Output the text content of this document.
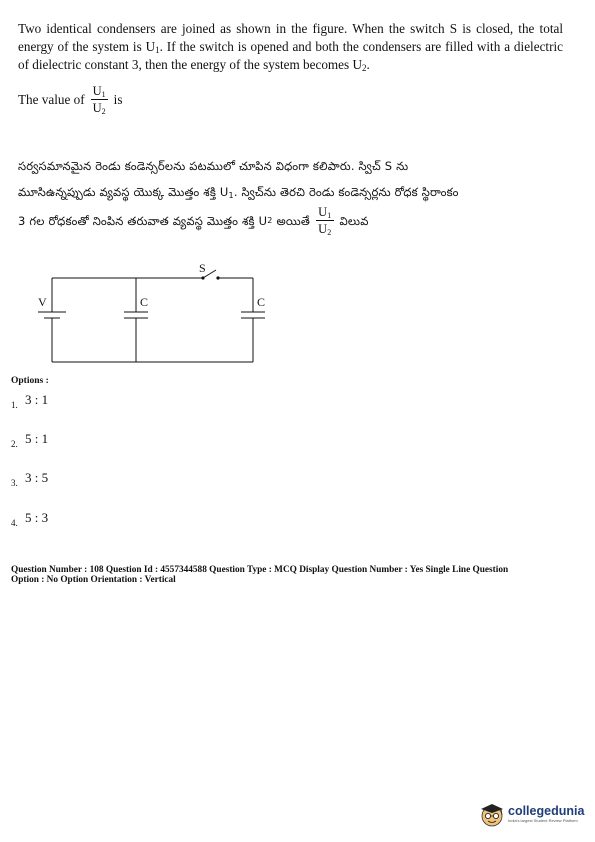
Two identical condensers are joined as shown in the figure. When the switch S is closed, the total energy of the system is $U_1$. If the switch is opened and both the condensers are filled with a dielectric of dielectric constant 3, then the energy of the system becomes $U_2$.
The value of $\frac{U_1}{U_2}$ is
సర్వసమానమైన రెండు కండెన్సర్‌లను పటములో చూపిన విధంగా కలిపారు. స్విచ్ S ను
మూసిఉన్నప్పుడు వ్యవస్థ యొక్క మొత్తం శక్తి $U_1$. స్విచ్‌ను తెరచి రెండు కండెన్సర్లను రోధక స్థిరాంకం
3 గల రోధకంతో నింపిన తరువాత వ్యవస్థ మొత్తం శక్తి U 2 అయితే $\frac{U_1}{U_2}$ విలువ
V	C	C
S
Options :
1. 3 : 1
2. 5 : 1
3. 3 : 5
4. 5 : 3
Question Number : 108 Question Id : 4557344588 Question Type : MCQ Display Question Number : Yes Single Line Question
Option : No Option Orientation : Vertical
collegedunia
India's largest Student Review Platform
